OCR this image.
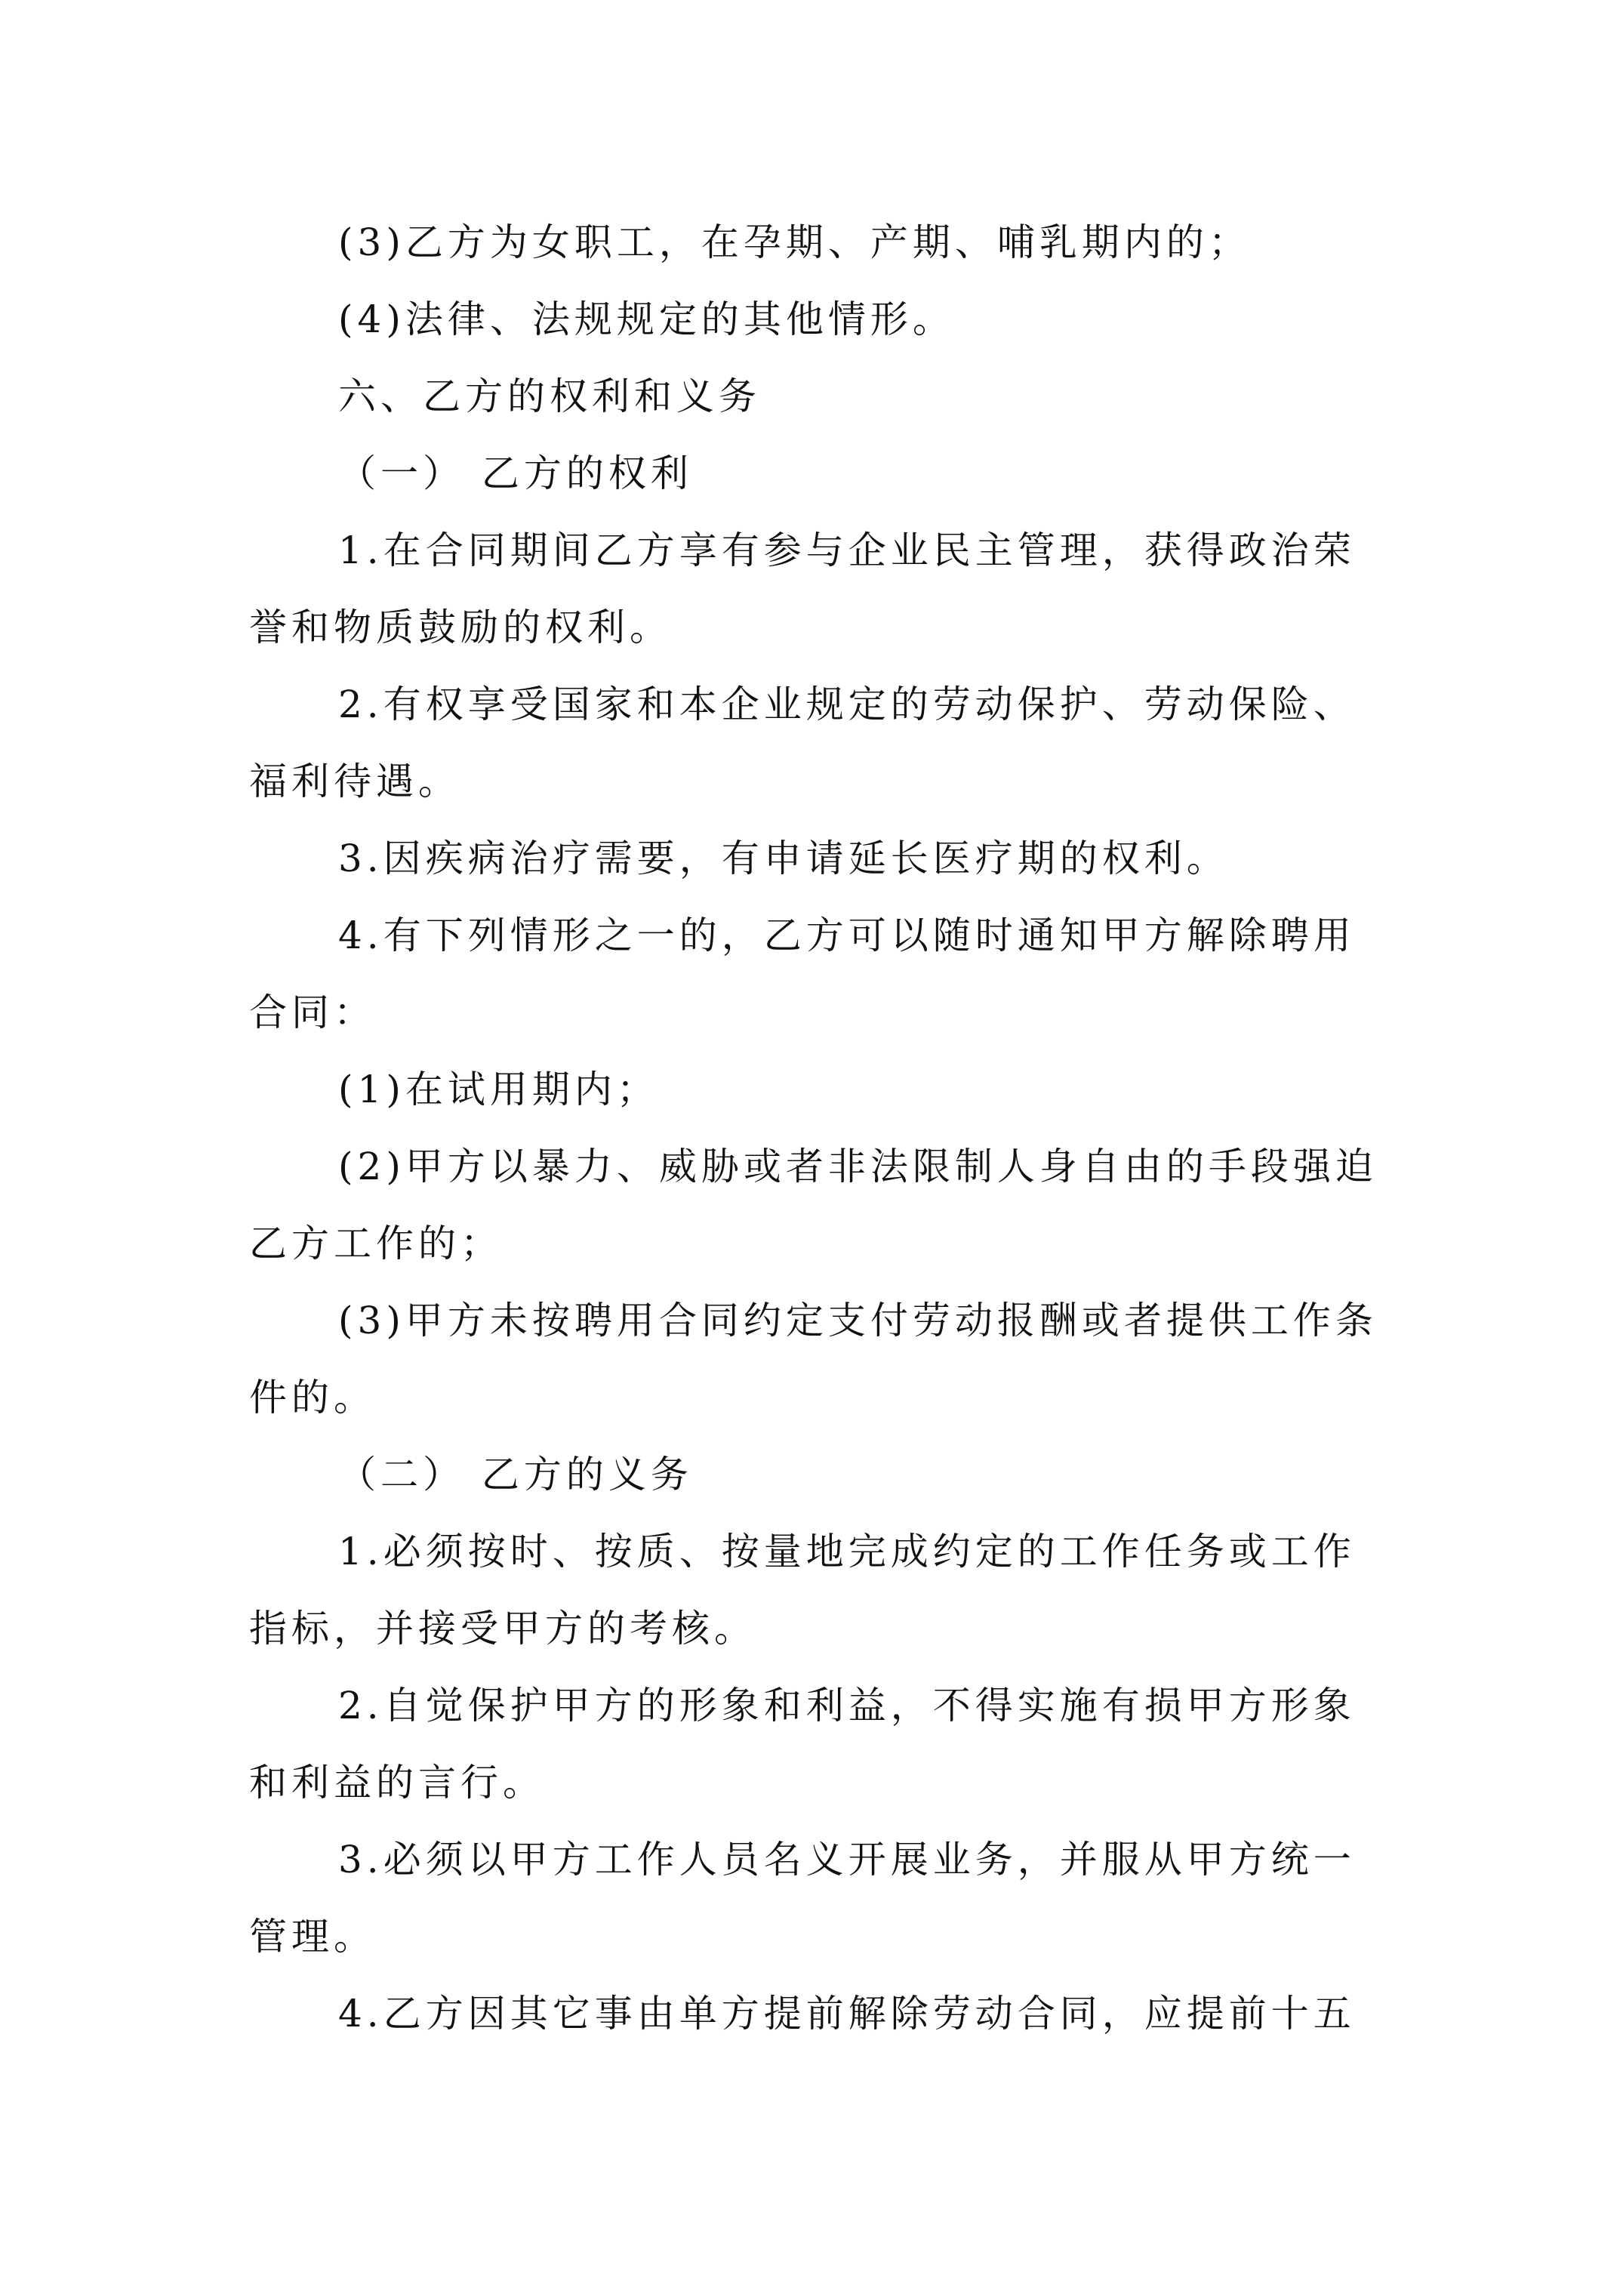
(3)乙方为女职工，在孕期、产期、哺乳期内的；

(4)法律、法规规定的其他情形。

六、乙方的权利和义务

（一） 乙方的权利

1.在合同期间乙方享有参与企业民主管理，获得政治荣誉和物质鼓励的权利。

2.有权享受国家和本企业规定的劳动保护、劳动保险、福利待遇。

3.因疾病治疗需要，有申请延长医疗期的权利。

4.有下列情形之一的，乙方可以随时通知甲方解除聘用合同：

(1)在试用期内；

(2)甲方以暴力、威胁或者非法限制人身自由的手段强迫乙方工作的；

(3)甲方未按聘用合同约定支付劳动报酬或者提供工作条件的。

（二） 乙方的义务

1.必须按时、按质、按量地完成约定的工作任务或工作指标，并接受甲方的考核。

2.自觉保护甲方的形象和利益，不得实施有损甲方形象和利益的言行。

3.必须以甲方工作人员名义开展业务，并服从甲方统一管理。

4.乙方因其它事由单方提前解除劳动合同，应提前十五
